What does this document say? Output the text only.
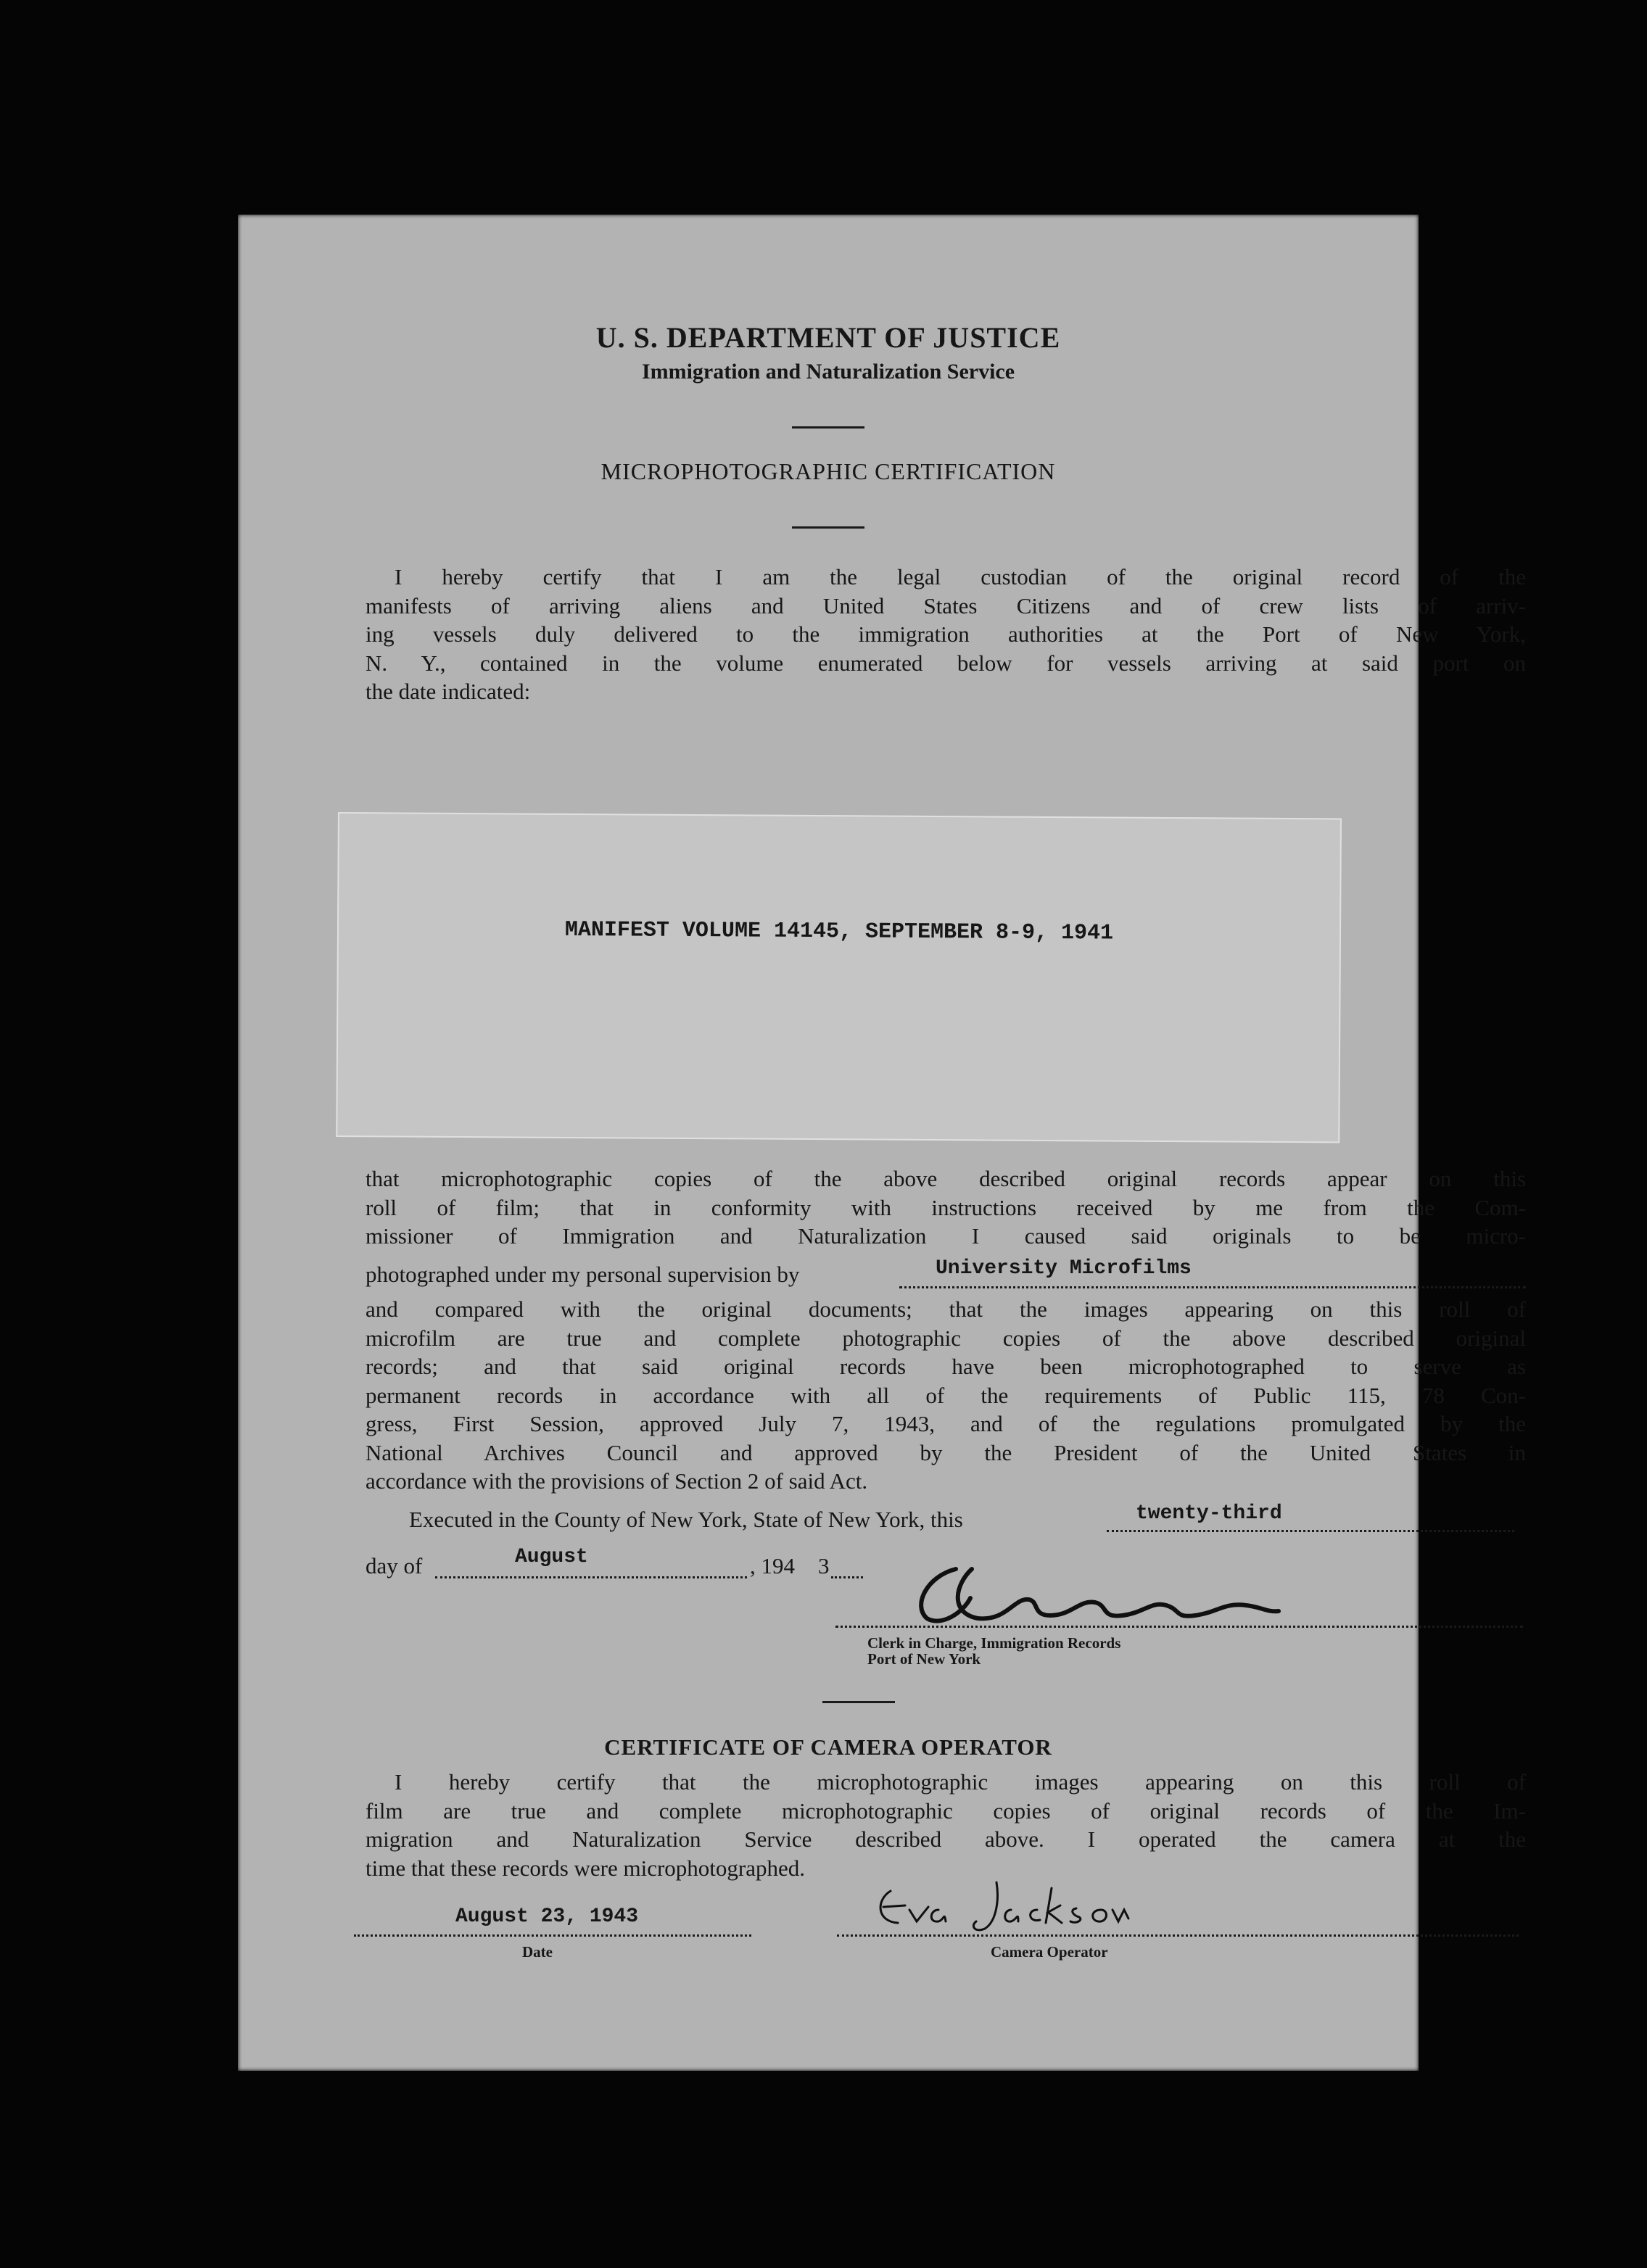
U. S. DEPARTMENT OF JUSTICE
Immigration and Naturalization Service
MICROPHOTOGRAPHIC CERTIFICATION
I hereby certify that I am the legal custodian of the original record of the
manifests of arriving aliens and United States Citizens and of crew lists of arriv-
ing vessels duly delivered to the immigration authorities at the Port of New York,
N. Y., contained in the volume enumerated below for vessels arriving at said port on
the date indicated:
MANIFEST VOLUME 14145, SEPTEMBER 8-9, 1941
that microphotographic copies of the above described original records appear on this
roll of film; that in conformity with instructions received by me from the Com-
missioner of Immigration and Naturalization I caused said originals to be micro-
photographed under my personal supervision by	University Microfilms
and compared with the original documents; that the images appearing on this roll of
microfilm are true and complete photographic copies of the above described original
records; and that said original records have been microphotographed to serve as
permanent records in accordance with all of the requirements of Public 115, 78 Con-
gress, First Session, approved July 7, 1943, and of the regulations promulgated by the
National Archives Council and approved by the President of the United States in
accordance with the provisions of Section 2 of said Act.
Executed in the County of New York, State of New York, this	twenty-third
day of	August	, 194 3
Clerk in Charge, Immigration Records
Port of New York
CERTIFICATE OF CAMERA OPERATOR
I hereby certify that the microphotographic images appearing on this roll of
film are true and complete microphotographic copies of original records of the Im-
migration and Naturalization Service described above. I operated the camera at the
time that these records were microphotographed.
August 23, 1943
Date	Camera Operator
